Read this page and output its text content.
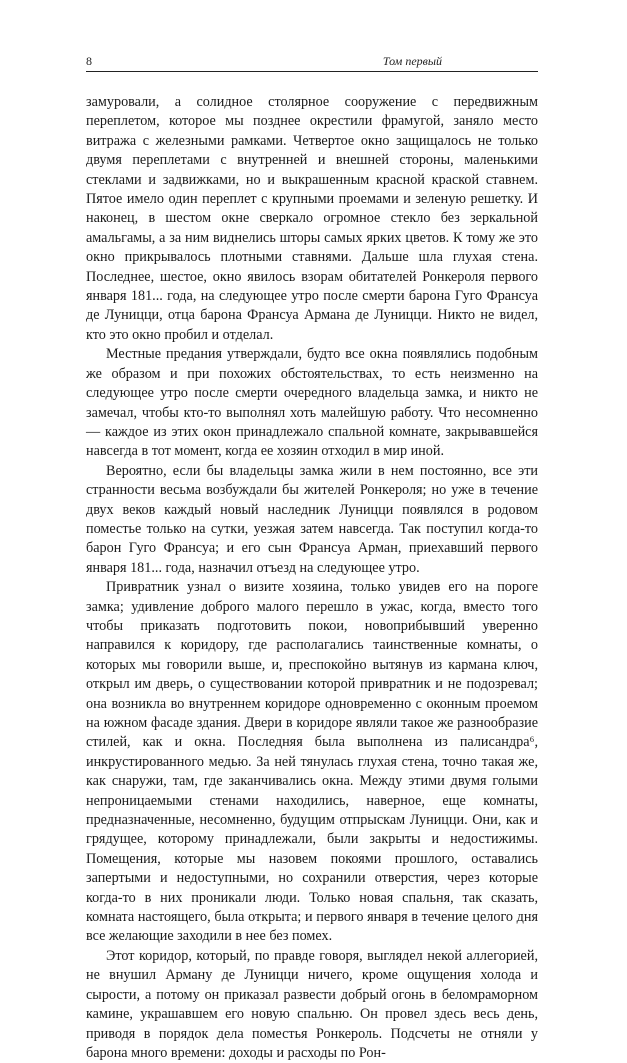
8	Том первый

замуровали, а солидное столярное сооружение с передвижным переплетом, которое мы позднее окрестили фрамугой, заняло место витража с железными рамками. Четвертое окно защищалось не только двумя переплетами с внутренней и внешней стороны, маленькими стеклами и задвижками, но и выкрашенным красной краской ставнем. Пятое имело один переплет с крупными проемами и зеленую решетку. И наконец, в шестом окне сверкало огромное стекло без зеркальной амальгамы, а за ним виднелись шторы самых ярких цветов. К тому же это окно прикрывалось плотными ставнями. Дальше шла глухая стена. Последнее, шестое, окно явилось взорам обитателей Ронкероля первого января 181... года, на следующее утро после смерти барона Гуго Франсуа де Луницци, отца барона Франсуа Армана де Луницци. Никто не видел, кто это окно пробил и отделал.

Местные предания утверждали, будто все окна появлялись подобным же образом и при похожих обстоятельствах, то есть неизменно на следующее утро после смерти очередного владельца замка, и никто не замечал, чтобы кто-то выполнял хоть малейшую работу. Что несомненно — каждое из этих окон принадлежало спальной комнате, закрывавшейся навсегда в тот момент, когда ее хозяин отходил в мир иной.

Вероятно, если бы владельцы замка жили в нем постоянно, все эти странности весьма возбуждали бы жителей Ронкероля; но уже в течение двух веков каждый новый наследник Луницци появлялся в родовом поместье только на сутки, уезжая затем навсегда. Так поступил когда-то барон Гуго Франсуа; и его сын Франсуа Арман, приехавший первого января 181... года, назначил отъезд на следующее утро.

Привратник узнал о визите хозяина, только увидев его на пороге замка; удивление доброго малого перешло в ужас, когда, вместо того чтобы приказать подготовить покои, новоприбывший уверенно направился к коридору, где располагались таинственные комнаты, о которых мы говорили выше, и, преспокойно вытянув из кармана ключ, открыл им дверь, о существовании которой привратник и не подозревал; она возникла во внутреннем коридоре одновременно с оконным проемом на южном фасаде здания. Двери в коридоре являли такое же разнообразие стилей, как и окна. Последняя была выполнена из палисандра⁶, инкрустированного медью. За ней тянулась глухая стена, точно такая же, как снаружи, там, где заканчивались окна. Между этими двумя голыми непроницаемыми стенами находились, наверное, еще комнаты, предназначенные, несомненно, будущим отпрыскам Луницци. Они, как и грядущее, которому принадлежали, были закрыты и недостижимы. Помещения, которые мы назовем покоями прошлого, оставались запертыми и недоступными, но сохранили отверстия, через которые когда-то в них проникали люди. Только новая спальня, так сказать, комната настоящего, была открыта; и первого января в течение целого дня все желающие заходили в нее без помех.

Этот коридор, который, по правде говоря, выглядел некой аллегорией, не внушил Арману де Луницци ничего, кроме ощущения холода и сырости, а потому он приказал развести добрый огонь в беломраморном камине, украшавшем его новую спальню. Он провел здесь весь день, приводя в порядок дела поместья Ронкероль. Подсчеты не отняли у барона много времени: доходы и расходы по Рон-
